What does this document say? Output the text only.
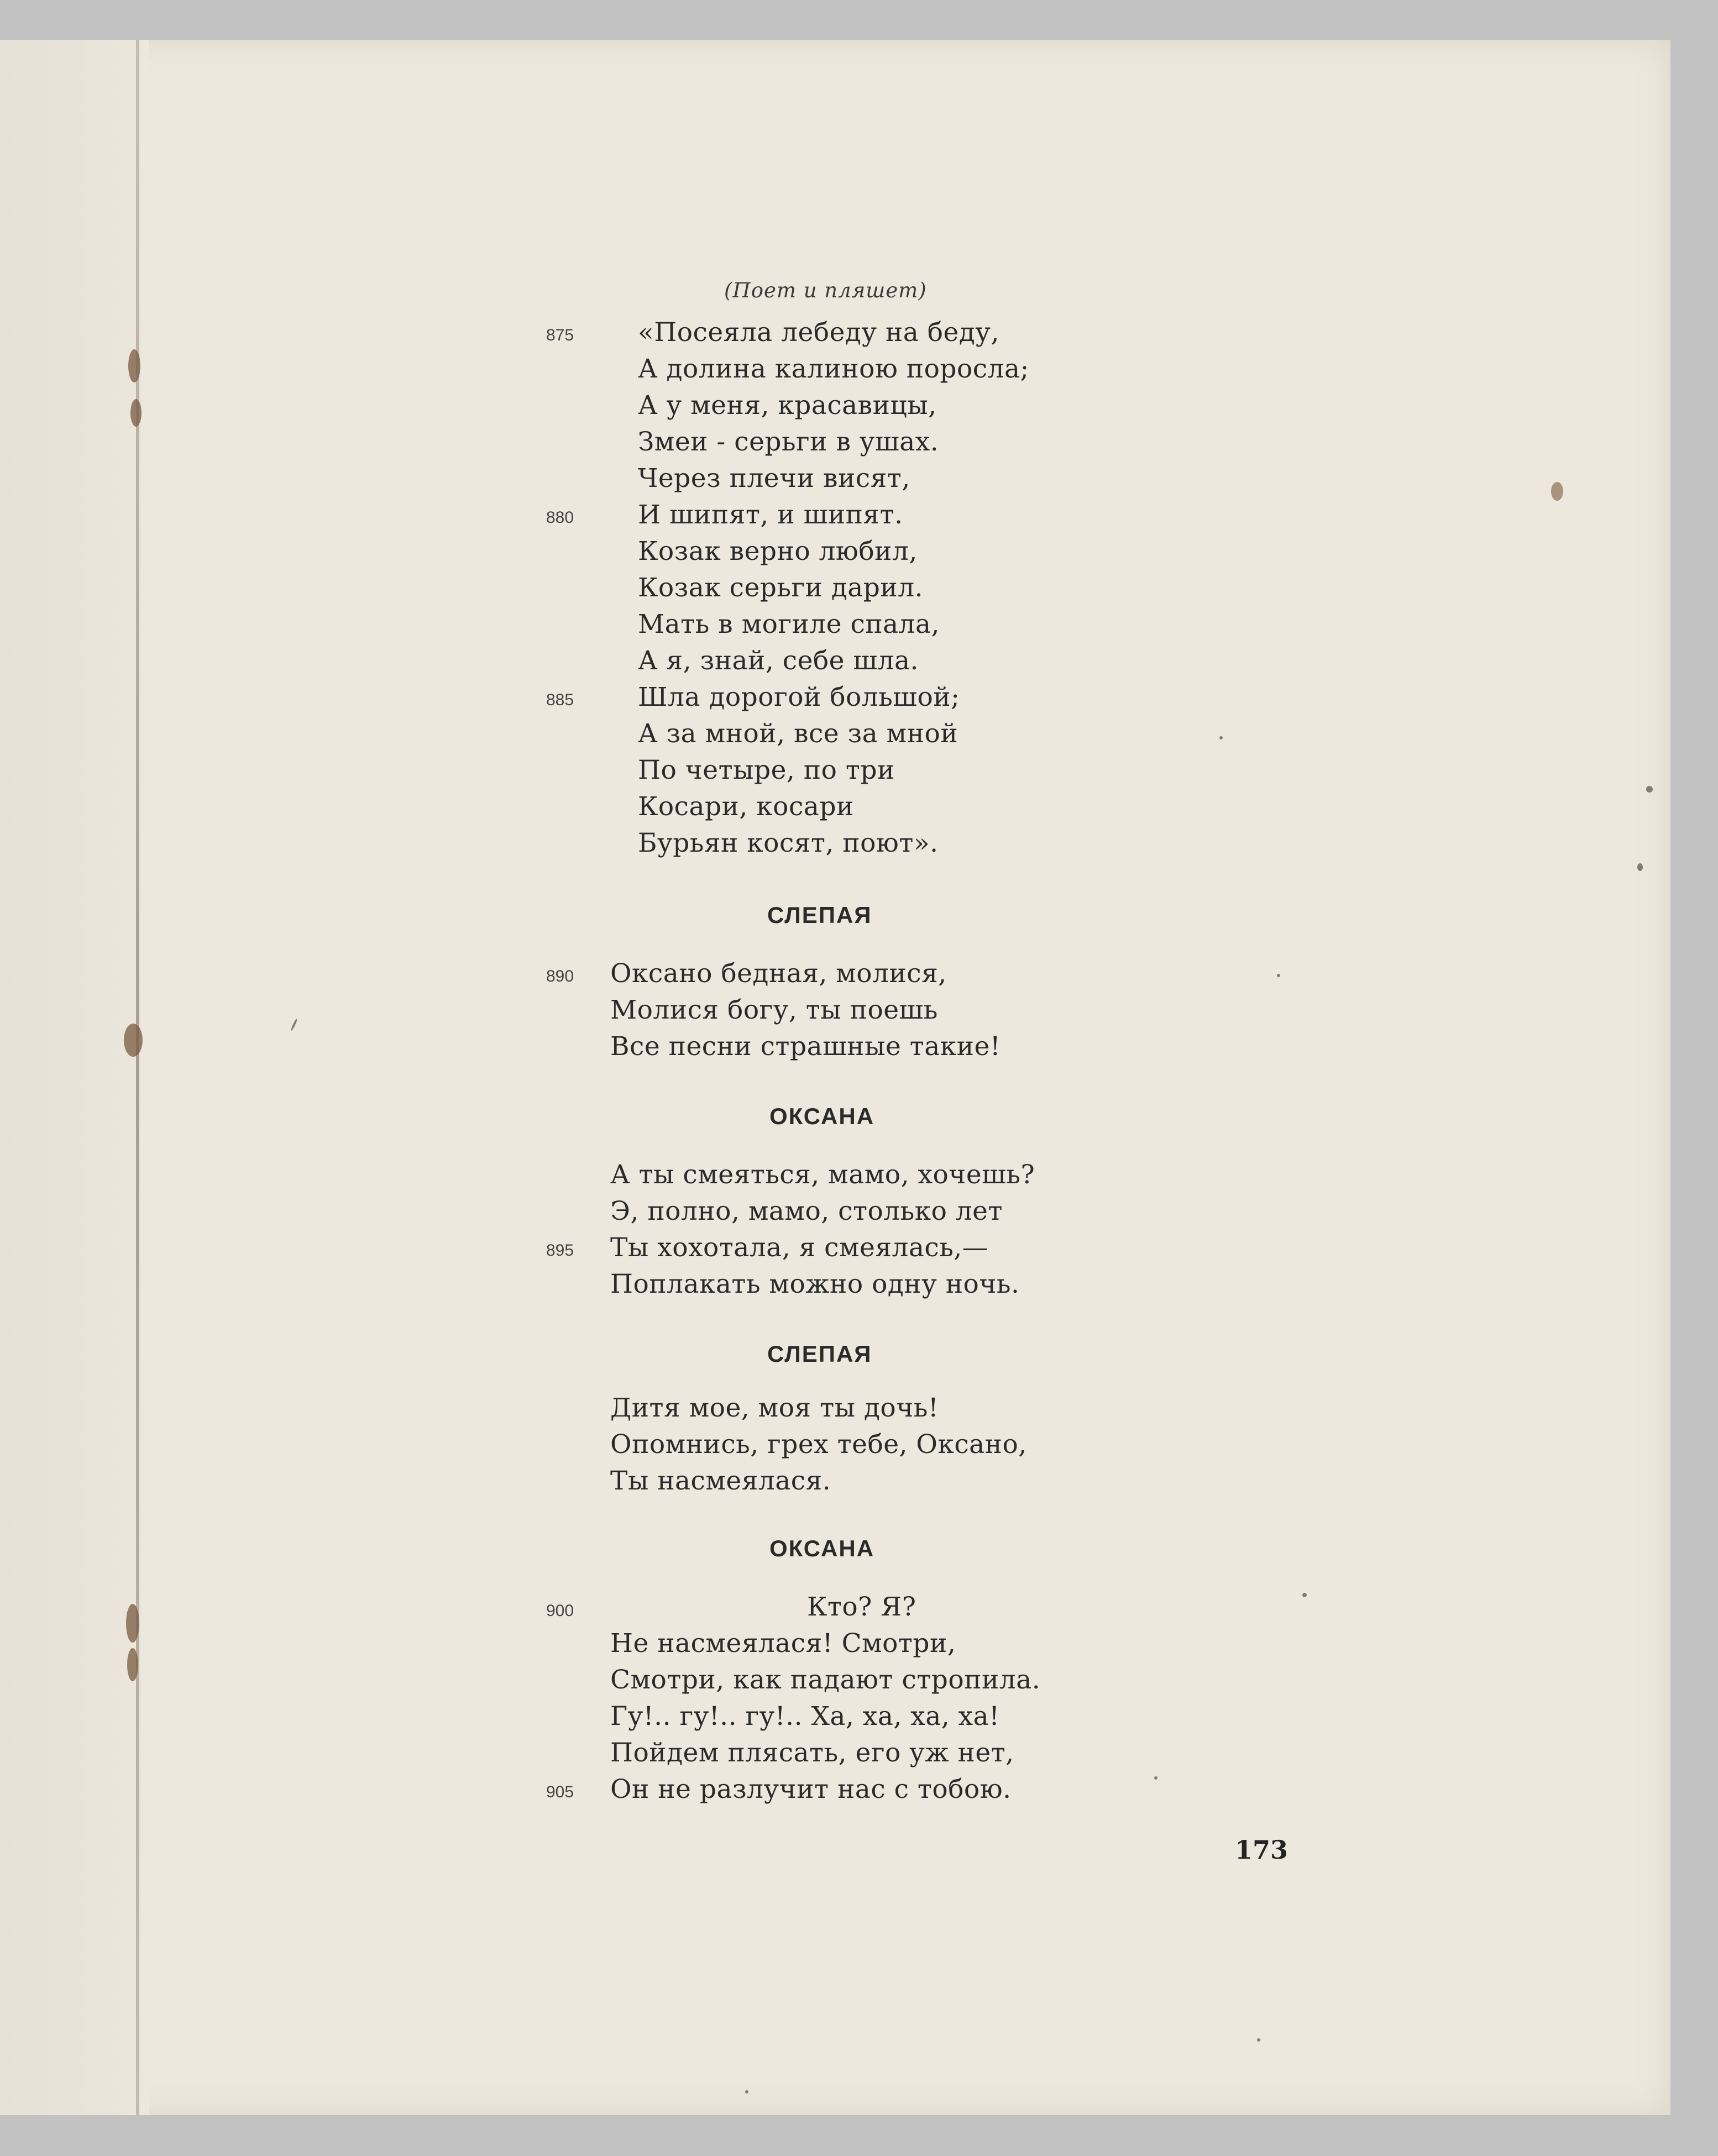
(Поет и пляшет)
875 «Посеяла лебеду на беду,
А долина калиною поросла;
А у меня, красавицы,
Змеи - серьги в ушах.
Через плечи висят,
880 И шипят, и шипят.
Козак верно любил,
Козак серьги дарил.
Мать в могиле спала,
А я, знай, себе шла.
885 Шла дорогой большой;
А за мной, все за мной
По четыре, по три
Косари, косари
Бурьян косят, поют».
СЛЕПАЯ
890 Оксано бедная, молися,
Молися богу, ты поешь
Все песни страшные такие!
ОКСАНА
А ты смеяться, мамо, хочешь?
Э, полно, мамо, столько лет
895 Ты хохотала, я смеялась,—
Поплакать можно одну ночь.
СЛЕПАЯ
Дитя мое, моя ты дочь!
Опомнись, грех тебе, Оксано,
Ты насмеялася.
ОКСАНА
900	Кто? Я?
Не насмеялася! Смотри,
Смотри, как падают стропила.
Гу!.. гу!.. гу!.. Ха, ха, ха, ха!
Пойдем плясать, его уж нет,
905 Он не разлучит нас с тобою.
173
